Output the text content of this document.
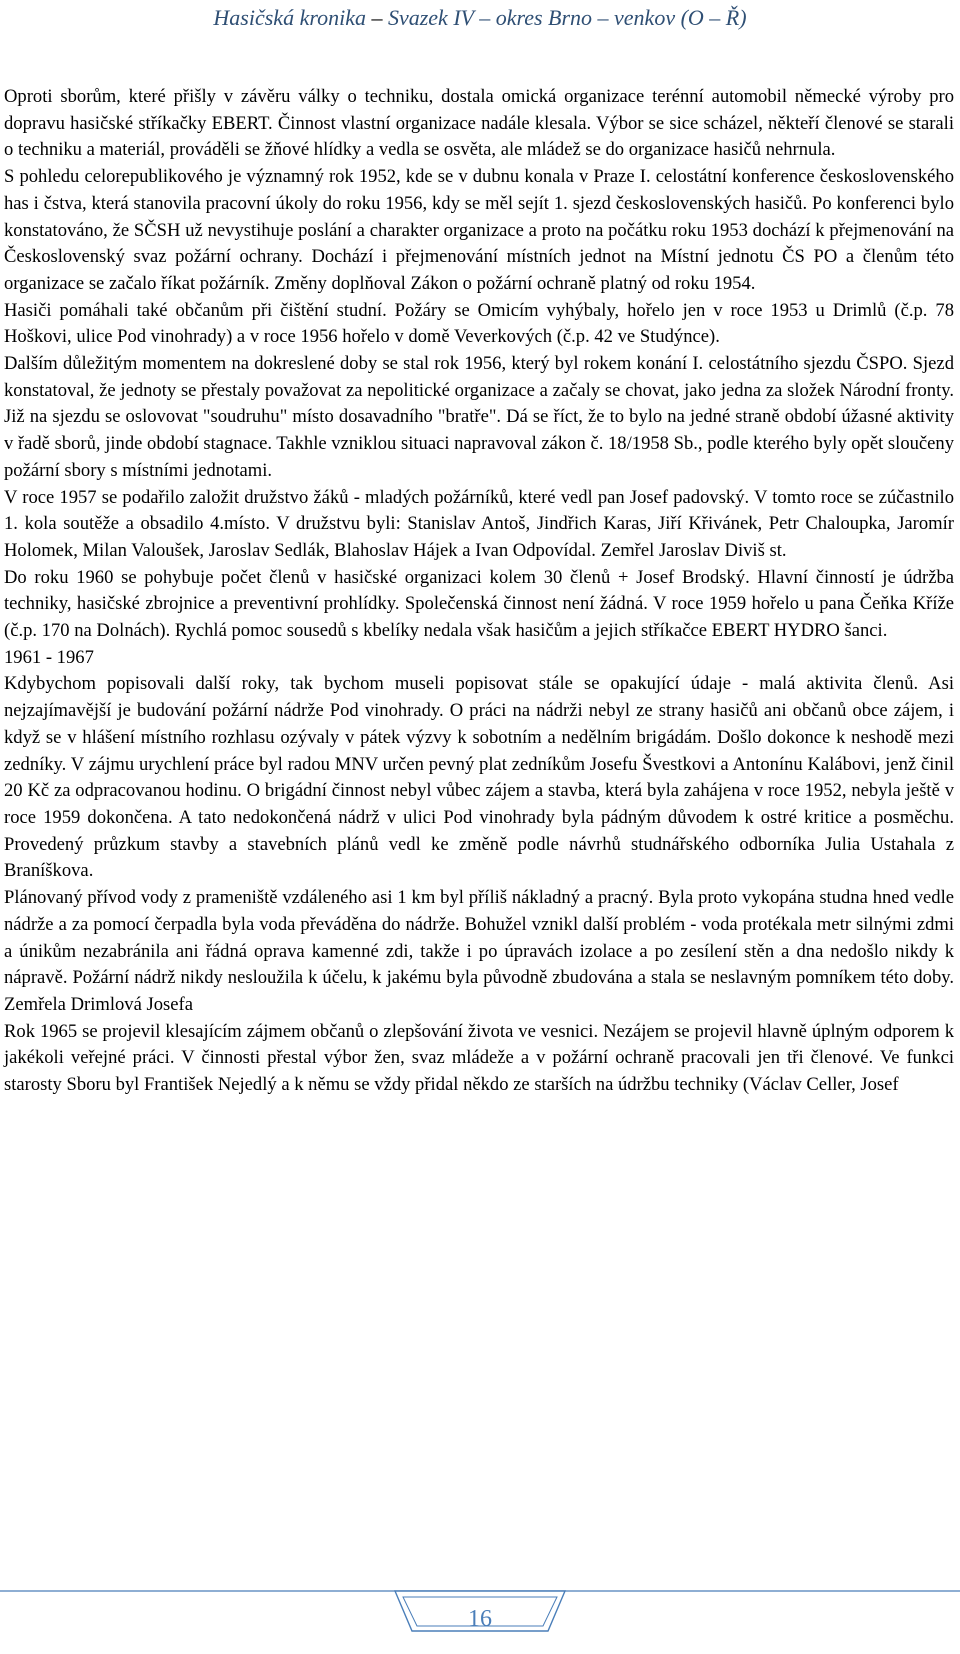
Hasičská kronika – Svazek IV – okres Brno – venkov (O – Ř)

Oproti sborům, které přišly v závěru války o techniku, dostala omická organizace terénní automobil německé výroby pro dopravu hasičské stříkačky EBERT. Činnost vlastní organizace nadále klesala. Výbor se sice scházel, někteří členové se starali o techniku a materiál, prováděli se žňové hlídky a vedla se osvěta, ale mládež se do organizace hasičů nehrnula.

S pohledu celorepublikového je významný rok 1952, kde se v dubnu konala v Praze I. celostátní konference československého has i čstva, která stanovila pracovní úkoly do roku 1956, kdy se měl sejít 1. sjezd československých hasičů. Po konferenci bylo konstatováno, že SČSH už nevystihuje poslání a charakter organizace a proto na počátku roku 1953 dochází k přejmenování na Československý svaz požární ochrany. Dochází i přejmenování místních jednot na Místní jednotu ČS PO a členům této organizace se začalo říkat požárník. Změny doplňoval Zákon o požární ochraně platný od roku 1954.

Hasiči pomáhali také občanům při čištění studní. Požáry se Omicím vyhýbaly, hořelo jen v roce 1953 u Drimlů (č.p. 78 Hoškovi, ulice Pod vinohrady) a v roce 1956 hořelo v domě Veverkových (č.p. 42 ve Studýnce).

Dalším důležitým momentem na dokreslené doby se stal rok 1956, který byl rokem konání I. celostátního sjezdu ČSPO. Sjezd konstatoval, že jednoty se přestaly považovat za nepolitické organizace a začaly se chovat, jako jedna za složek Národní fronty. Již na sjezdu se oslovovat "soudruhu" místo dosavadního "bratře". Dá se říct, že to bylo na jedné straně období úžasné aktivity v řadě sborů, jinde období stagnace. Takhle vzniklou situaci napravoval zákon č. 18/1958 Sb., podle kterého byly opět sloučeny požární sbory s místními jednotami.

V roce 1957 se podařilo založit družstvo žáků - mladých požárníků, které vedl pan Josef padovský. V tomto roce se zúčastnilo 1. kola soutěže a obsadilo 4.místo. V družstvu byli: Stanislav Antoš, Jindřich Karas, Jiří Křivánek, Petr Chaloupka, Jaromír Holomek, Milan Valoušek, Jaroslav Sedlák, Blahoslav Hájek a Ivan Odpovídal. Zemřel Jaroslav Diviš st.

Do roku 1960 se pohybuje počet členů v hasičské organizaci kolem 30 členů + Josef Brodský. Hlavní činností je údržba techniky, hasičské zbrojnice a preventivní prohlídky. Společenská činnost není žádná. V roce 1959 hořelo u pana Čeňka Kříže (č.p. 170 na Dolnách). Rychlá pomoc sousedů s kbelíky nedala však hasičům a jejich stříkačce EBERT HYDRO šanci.

1961 - 1967

Kdybychom popisovali další roky, tak bychom museli popisovat stále se opakující údaje - malá aktivita členů. Asi nejzajímavější je budování požární nádrže Pod vinohrady. O práci na nádrži nebyl ze strany hasičů ani občanů obce zájem, i když se v hlášení místního rozhlasu ozývaly v pátek výzvy k sobotním a nedělním brigádám. Došlo dokonce k neshodě mezi zedníky. V zájmu urychlení práce byl radou MNV určen pevný plat zedníkům Josefu Švestkovi a Antonínu Kalábovi, jenž činil 20 Kč za odpracovanou hodinu. O brigádní činnost nebyl vůbec zájem a stavba, která byla zahájena v roce 1952, nebyla ještě v roce 1959 dokončena. A tato nedokončená nádrž v ulici Pod vinohrady byla pádným důvodem k ostré kritice a posměchu. Provedený průzkum stavby a stavebních plánů vedl ke změně podle návrhů studnářského odborníka Julia Ustahala z Braníškova.

Plánovaný přívod vody z prameniště vzdáleného asi 1 km byl příliš nákladný a pracný. Byla proto vykopána studna hned vedle nádrže a za pomocí čerpadla byla voda převáděna do nádrže. Bohužel vznikl další problém - voda protékala metr silnými zdmi a únikům nezabránila ani řádná oprava kamenné zdi, takže i po úpravách izolace a po zesílení stěn a dna nedošlo nikdy k nápravě. Požární nádrž nikdy nesloužila k účelu, k jakému byla původně zbudována a stala se neslavným pomníkem této doby. Zemřela Drimlová Josefa

Rok 1965 se projevil klesajícím zájmem občanů o zlepšování života ve vesnici. Nezájem se projevil hlavně úplným odporem k jakékoli veřejné práci. V činnosti přestal výbor žen, svaz mládeže a v požární ochraně pracovali jen tři členové. Ve funkci starosty Sboru byl František Nejedlý a k němu se vždy přidal někdo ze starších na údržbu techniky (Václav Celler, Josef

16
